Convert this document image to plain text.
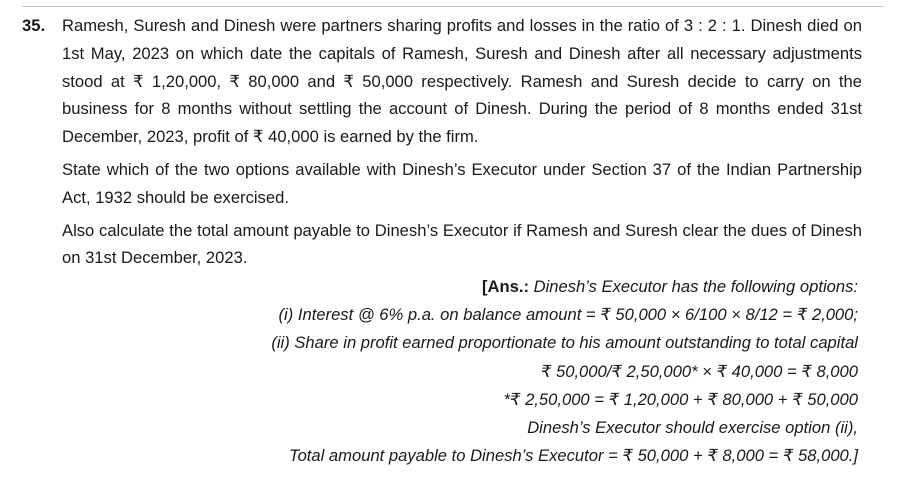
35.	Ramesh, Suresh and Dinesh were partners sharing profits and losses in the ratio of 3 : 2 : 1. Dinesh died on 1st May, 2023 on which date the capitals of Ramesh, Suresh and Dinesh after all necessary adjustments stood at ₹ 1,20,000, ₹ 80,000 and ₹ 50,000 respectively. Ramesh and Suresh decide to carry on the business for 8 months without settling the account of Dinesh. During the period of 8 months ended 31st December, 2023, profit of ₹ 40,000 is earned by the firm.

State which of the two options available with Dinesh’s Executor under Section 37 of the Indian Partnership Act, 1932 should be exercised.

Also calculate the total amount payable to Dinesh’s Executor if Ramesh and Suresh clear the dues of Dinesh on 31st December, 2023.

[Ans.: Dinesh’s Executor has the following options:
(i) Interest @ 6% p.a. on balance amount = ₹ 50,000 × 6/100 × 8/12 = ₹ 2,000;
(ii) Share in profit earned proportionate to his amount outstanding to total capital
₹ 50,000/₹ 2,50,000* × ₹ 40,000 = ₹ 8,000
*₹ 2,50,000 = ₹ 1,20,000 + ₹ 80,000 + ₹ 50,000
Dinesh’s Executor should exercise option (ii),
Total amount payable to Dinesh’s Executor = ₹ 50,000 + ₹ 8,000 = ₹ 58,000.]
